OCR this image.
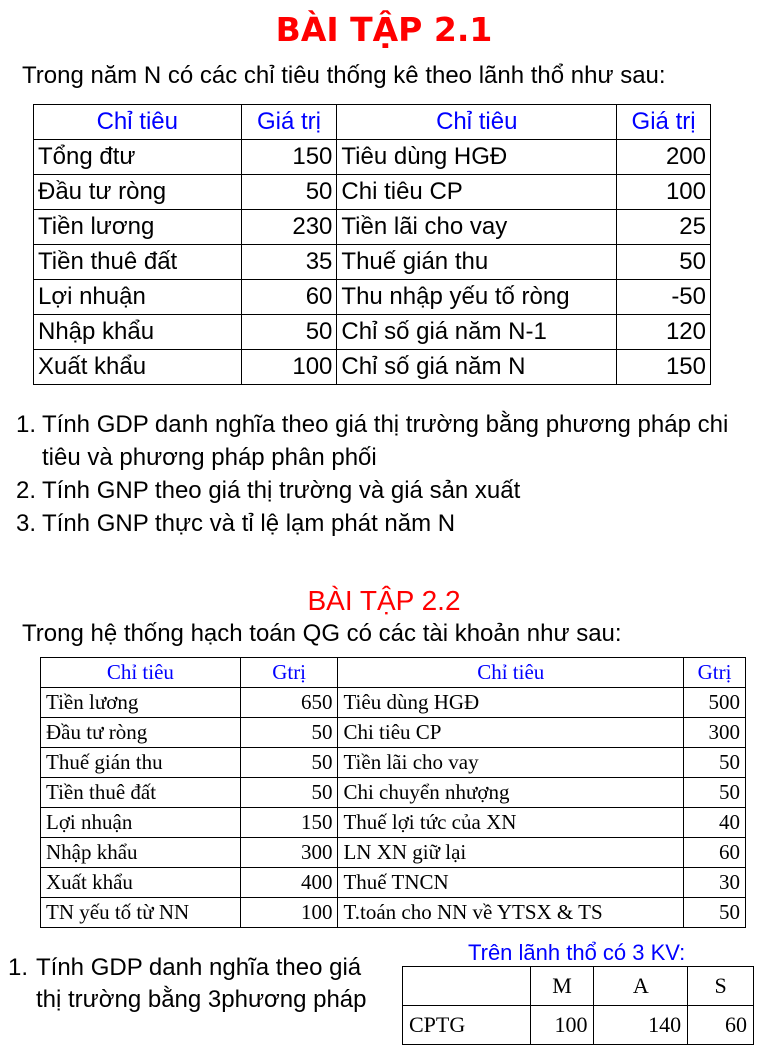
BÀI TẬP 2.1
Trong năm N có các chỉ tiêu thống kê theo lãnh thổ như sau:
Chỉ tiêu	Giá trị	Chỉ tiêu	Giá trị
Tổng đtư	150	Tiêu dùng HGĐ	200
Đầu tư ròng	50	Chi tiêu CP	100
Tiền lương	230	Tiền lãi cho vay	25
Tiền thuê đất	35	Thuế gián thu	50
Lợi nhuận	60	Thu nhập yếu tố ròng	-50
Nhập khẩu	50	Chỉ số giá năm N-1	120
Xuất khẩu	100	Chỉ số giá năm N	150
1. Tính GDP danh nghĩa theo giá thị trường bằng phương pháp chi tiêu và phương pháp phân phối
2. Tính GNP theo giá thị trường và giá sản xuất
3. Tính GNP thực và tỉ lệ lạm phát năm N
BÀI TẬP 2.2
Trong hệ thống hạch toán QG có các tài khoản như sau:
Chỉ tiêu	Gtrị	Chỉ tiêu	Gtrị
Tiền lương	650	Tiêu dùng HGĐ	500
Đầu tư ròng	50	Chi tiêu CP	300
Thuế gián thu	50	Tiền lãi cho vay	50
Tiền thuê đất	50	Chi chuyển nhượng	50
Lợi nhuận	150	Thuế lợi tức của XN	40
Nhập khẩu	300	LN XN giữ lại	60
Xuất khẩu	400	Thuế TNCN	30
TN yếu tố từ NN	100	T.toán cho NN về YTSX & TS	50
Trên lãnh thổ có 3 KV:
1. Tính GDP danh nghĩa theo giá thị trường bằng 3phương pháp
	M	A	S
CPTG	100	140	60
